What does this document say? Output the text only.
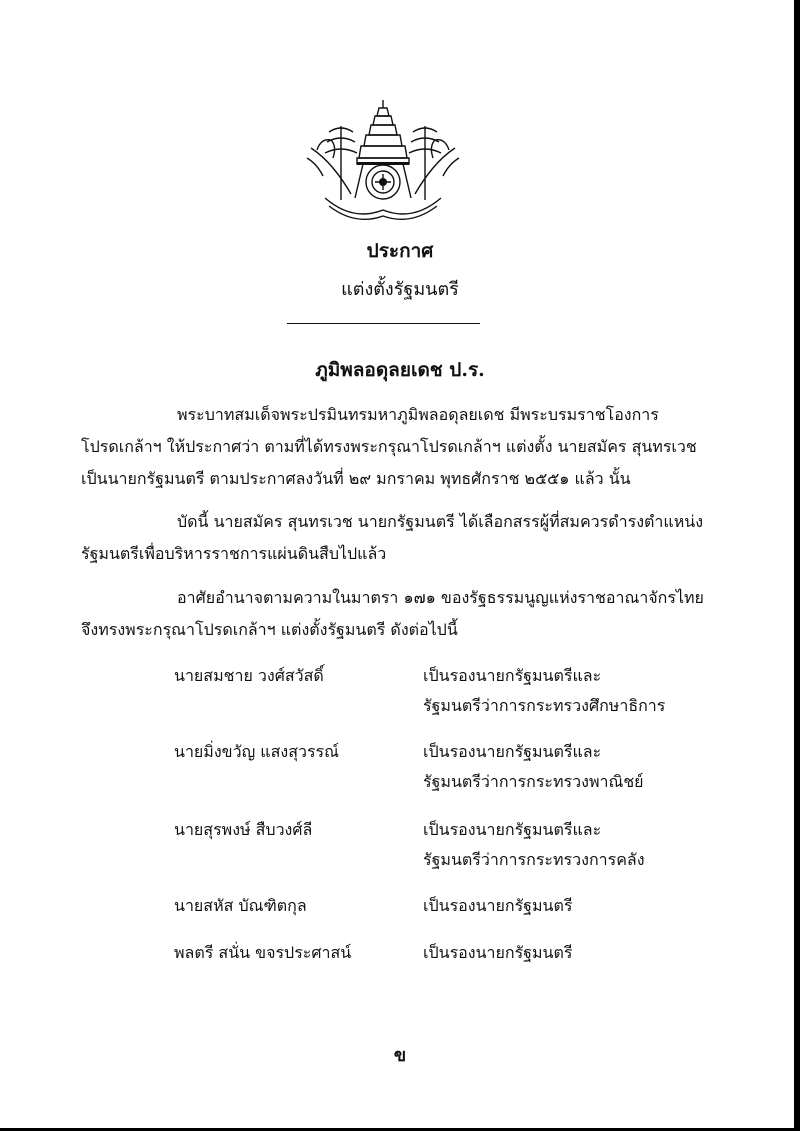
ประกาศ

แต่งตั้งรัฐมนตรี

ภูมิพลอดุลยเดช ป.ร.

พระบาทสมเด็จพระปรมินทรมหาภูมิพลอดุลยเดช มีพระบรมราชโองการ
โปรดเกล้าฯ ให้ประกาศว่า ตามที่ได้ทรงพระกรุณาโปรดเกล้าฯ แต่งตั้ง นายสมัคร สุนทรเวช
เป็นนายกรัฐมนตรี ตามประกาศลงวันที่ ๒๙ มกราคม พุทธศักราช ๒๕๕๑ แล้ว นั้น

บัดนี้ นายสมัคร สุนทรเวช นายกรัฐมนตรี ได้เลือกสรรผู้ที่สมควรดำรงตำแหน่ง
รัฐมนตรีเพื่อบริหารราชการแผ่นดินสืบไปแล้ว

อาศัยอำนาจตามความในมาตรา ๑๗๑ ของรัฐธรรมนูญแห่งราชอาณาจักรไทย
จึงทรงพระกรุณาโปรดเกล้าฯ แต่งตั้งรัฐมนตรี ดังต่อไปนี้

นายสมชาย วงศ์สวัสดิ์	เป็นรองนายกรัฐมนตรีและ
รัฐมนตรีว่าการกระทรวงศึกษาธิการ
นายมิ่งขวัญ แสงสุวรรณ์	เป็นรองนายกรัฐมนตรีและ
รัฐมนตรีว่าการกระทรวงพาณิชย์
นายสุรพงษ์ สืบวงศ์ลี	เป็นรองนายกรัฐมนตรีและ
รัฐมนตรีว่าการกระทรวงการคลัง
นายสหัส บัณฑิตกุล	เป็นรองนายกรัฐมนตรี
พลตรี สนั่น ขจรประศาสน์	เป็นรองนายกรัฐมนตรี

ข
